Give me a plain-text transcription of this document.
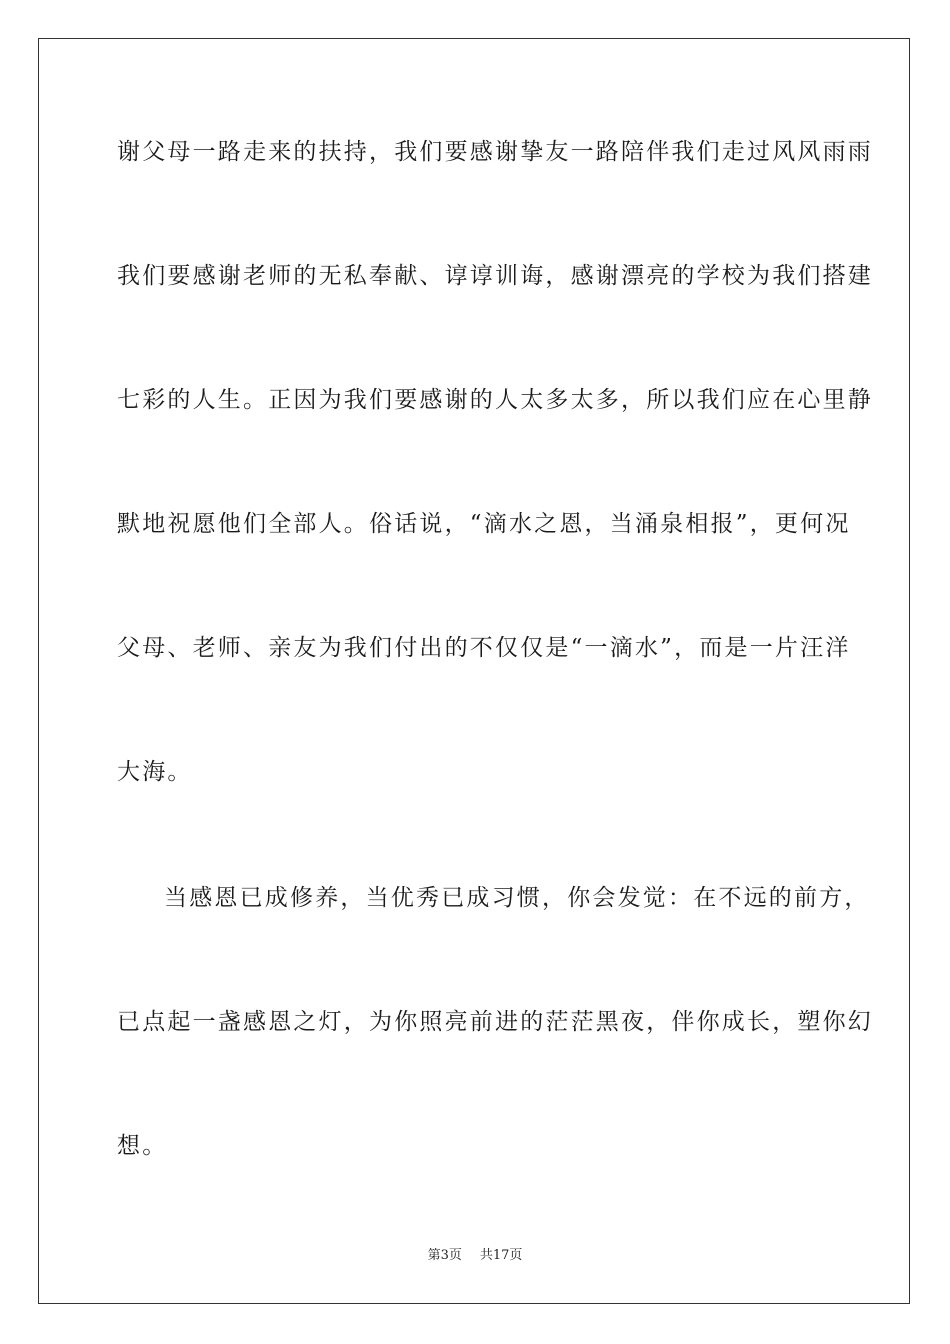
谢父母一路走来的扶持，我们要感谢挚友一路陪伴我们走过风风雨雨
我们要感谢老师的无私奉献、谆谆训诲，感谢漂亮的学校为我们搭建
七彩的人生。正因为我们要感谢的人太多太多，所以我们应在心里静
默地祝愿他们全部人。俗话说，“滴水之恩，当涌泉相报”，更何况
父母、老师、亲友为我们付出的不仅仅是“一滴水”，而是一片汪洋
大海。
当感恩已成修养，当优秀已成习惯，你会发觉：在不远的前方，
已点起一盏感恩之灯，为你照亮前进的茫茫黑夜，伴你成长，塑你幻
想。
第3页 共17页
